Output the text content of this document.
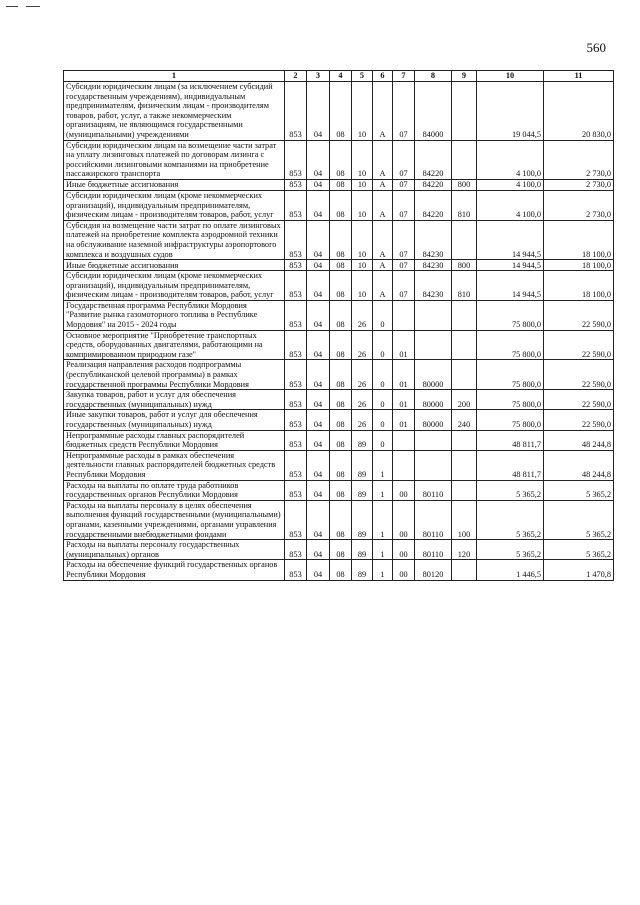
560
1	2	3	4	5	6	7	8	9	10	11
Субсидии юридическим лицам (за исключением субсидий государственным учреждениям), индивидуальным предпринимателям, физическим лицам - производителям товаров, работ, услуг, а также некоммерческим организациям, не являющимся государственными (муниципальными) учреждениями	853	04	08	10	А	07	84000		19 044,5	20 830,0
Субсидии юридическим лицам на возмещение части затрат на уплату лизинговых платежей по договорам лизинга с российскими лизинговыми компаниями на приобретение пассажирского транспорта	853	04	08	10	А	07	84220		4 100,0	2 730,0
Иные бюджетные ассигнования	853	04	08	10	А	07	84220	800	4 100,0	2 730,0
Субсидии юридическим лицам (кроме некоммерческих организаций), индивидуальным предпринимателям, физическим лицам - производителям товаров, работ, услуг	853	04	08	10	А	07	84220	810	4 100,0	2 730,0
Субсидия на возмещение части затрат по оплате лизинговых платежей на приобретение комплекта аэродромной техники на обслуживание наземной инфраструктуры аэропортового комплекса и воздушных судов	853	04	08	10	А	07	84230		14 944,5	18 100,0
Иные бюджетные ассигнования	853	04	08	10	А	07	84230	800	14 944,5	18 100,0
Субсидии юридическим лицам (кроме некоммерческих организаций), индивидуальным предпринимателям, физическим лицам - производителям товаров, работ, услуг	853	04	08	10	А	07	84230	810	14 944,5	18 100,0
Государственная программа Республики Мордовия "Развитие рынка газомоторного топлива в Республике Мордовия" на 2015 - 2024 годы	853	04	08	26	0				75 800,0	22 590,0
Основное мероприятие "Приобретение транспортных средств, оборудованных двигателями, работающими на компримированном природном газе"	853	04	08	26	0	01			75 800,0	22 590,0
Реализация направления расходов подпрограммы (республиканской целевой программы) в рамках государственной программы Республики Мордовия	853	04	08	26	0	01	80000		75 800,0	22 590,0
Закупка товаров, работ и услуг для обеспечения государственных (муниципальных) нужд	853	04	08	26	0	01	80000	200	75 800,0	22 590,0
Иные закупки товаров, работ и услуг для обеспечения государственных (муниципальных) нужд	853	04	08	26	0	01	80000	240	75 800,0	22 590,0
Непрограммные расходы главных распорядителей бюджетных средств Республики Мордовия	853	04	08	89	0				48 811,7	48 244,8
Непрограммные расходы в рамках обеспечения деятельности главных распорядителей бюджетных средств Республики Мордовия	853	04	08	89	1				48 811,7	48 244,8
Расходы на выплаты по оплате труда работников государственных органов Республики Мордовия	853	04	08	89	1	00	80110		5 365,2	5 365,2
Расходы на выплаты персоналу в целях обеспечения выполнения функций государственными (муниципальными) органами, казенными учреждениями, органами управления государственными внебюджетными фондами	853	04	08	89	1	00	80110	100	5 365,2	5 365,2
Расходы на выплаты персоналу государственных (муниципальных) органов	853	04	08	89	1	00	80110	120	5 365,2	5 365,2
Расходы на обеспечение функций государственных органов Республики Мордовия	853	04	08	89	1	00	80120		1 446,5	1 470,8
